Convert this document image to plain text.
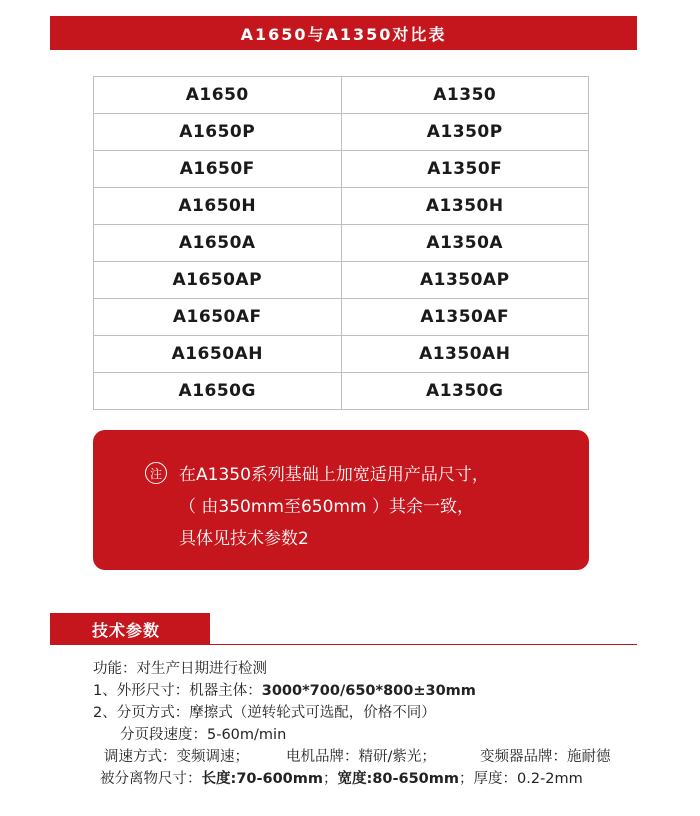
A1650与A1350对比表
A1650	A1350
A1650P	A1350P
A1650F	A1350F
A1650H	A1350H
A1650A	A1350A
A1650AP	A1350AP
A1650AF	A1350AF
A1650AH	A1350AH
A1650G	A1350G
注 在A1350系列基础上加宽适用产品尺寸，
（ 由350mm至650mm ）其余一致，
具体见技术参数2
技术参数
功能：对生产日期进行检测
1、外形尺寸：机器主体：3000*700/650*800±30mm
2、分页方式：摩擦式（逆转轮式可选配，价格不同）
分页段速度：5-60m/min
调速方式：变频调速；	电机品牌：精研/紫光；	变频器品牌：施耐德
被分离物尺寸：长度:70-600mm；宽度:80-650mm；厚度：0.2-2mm
